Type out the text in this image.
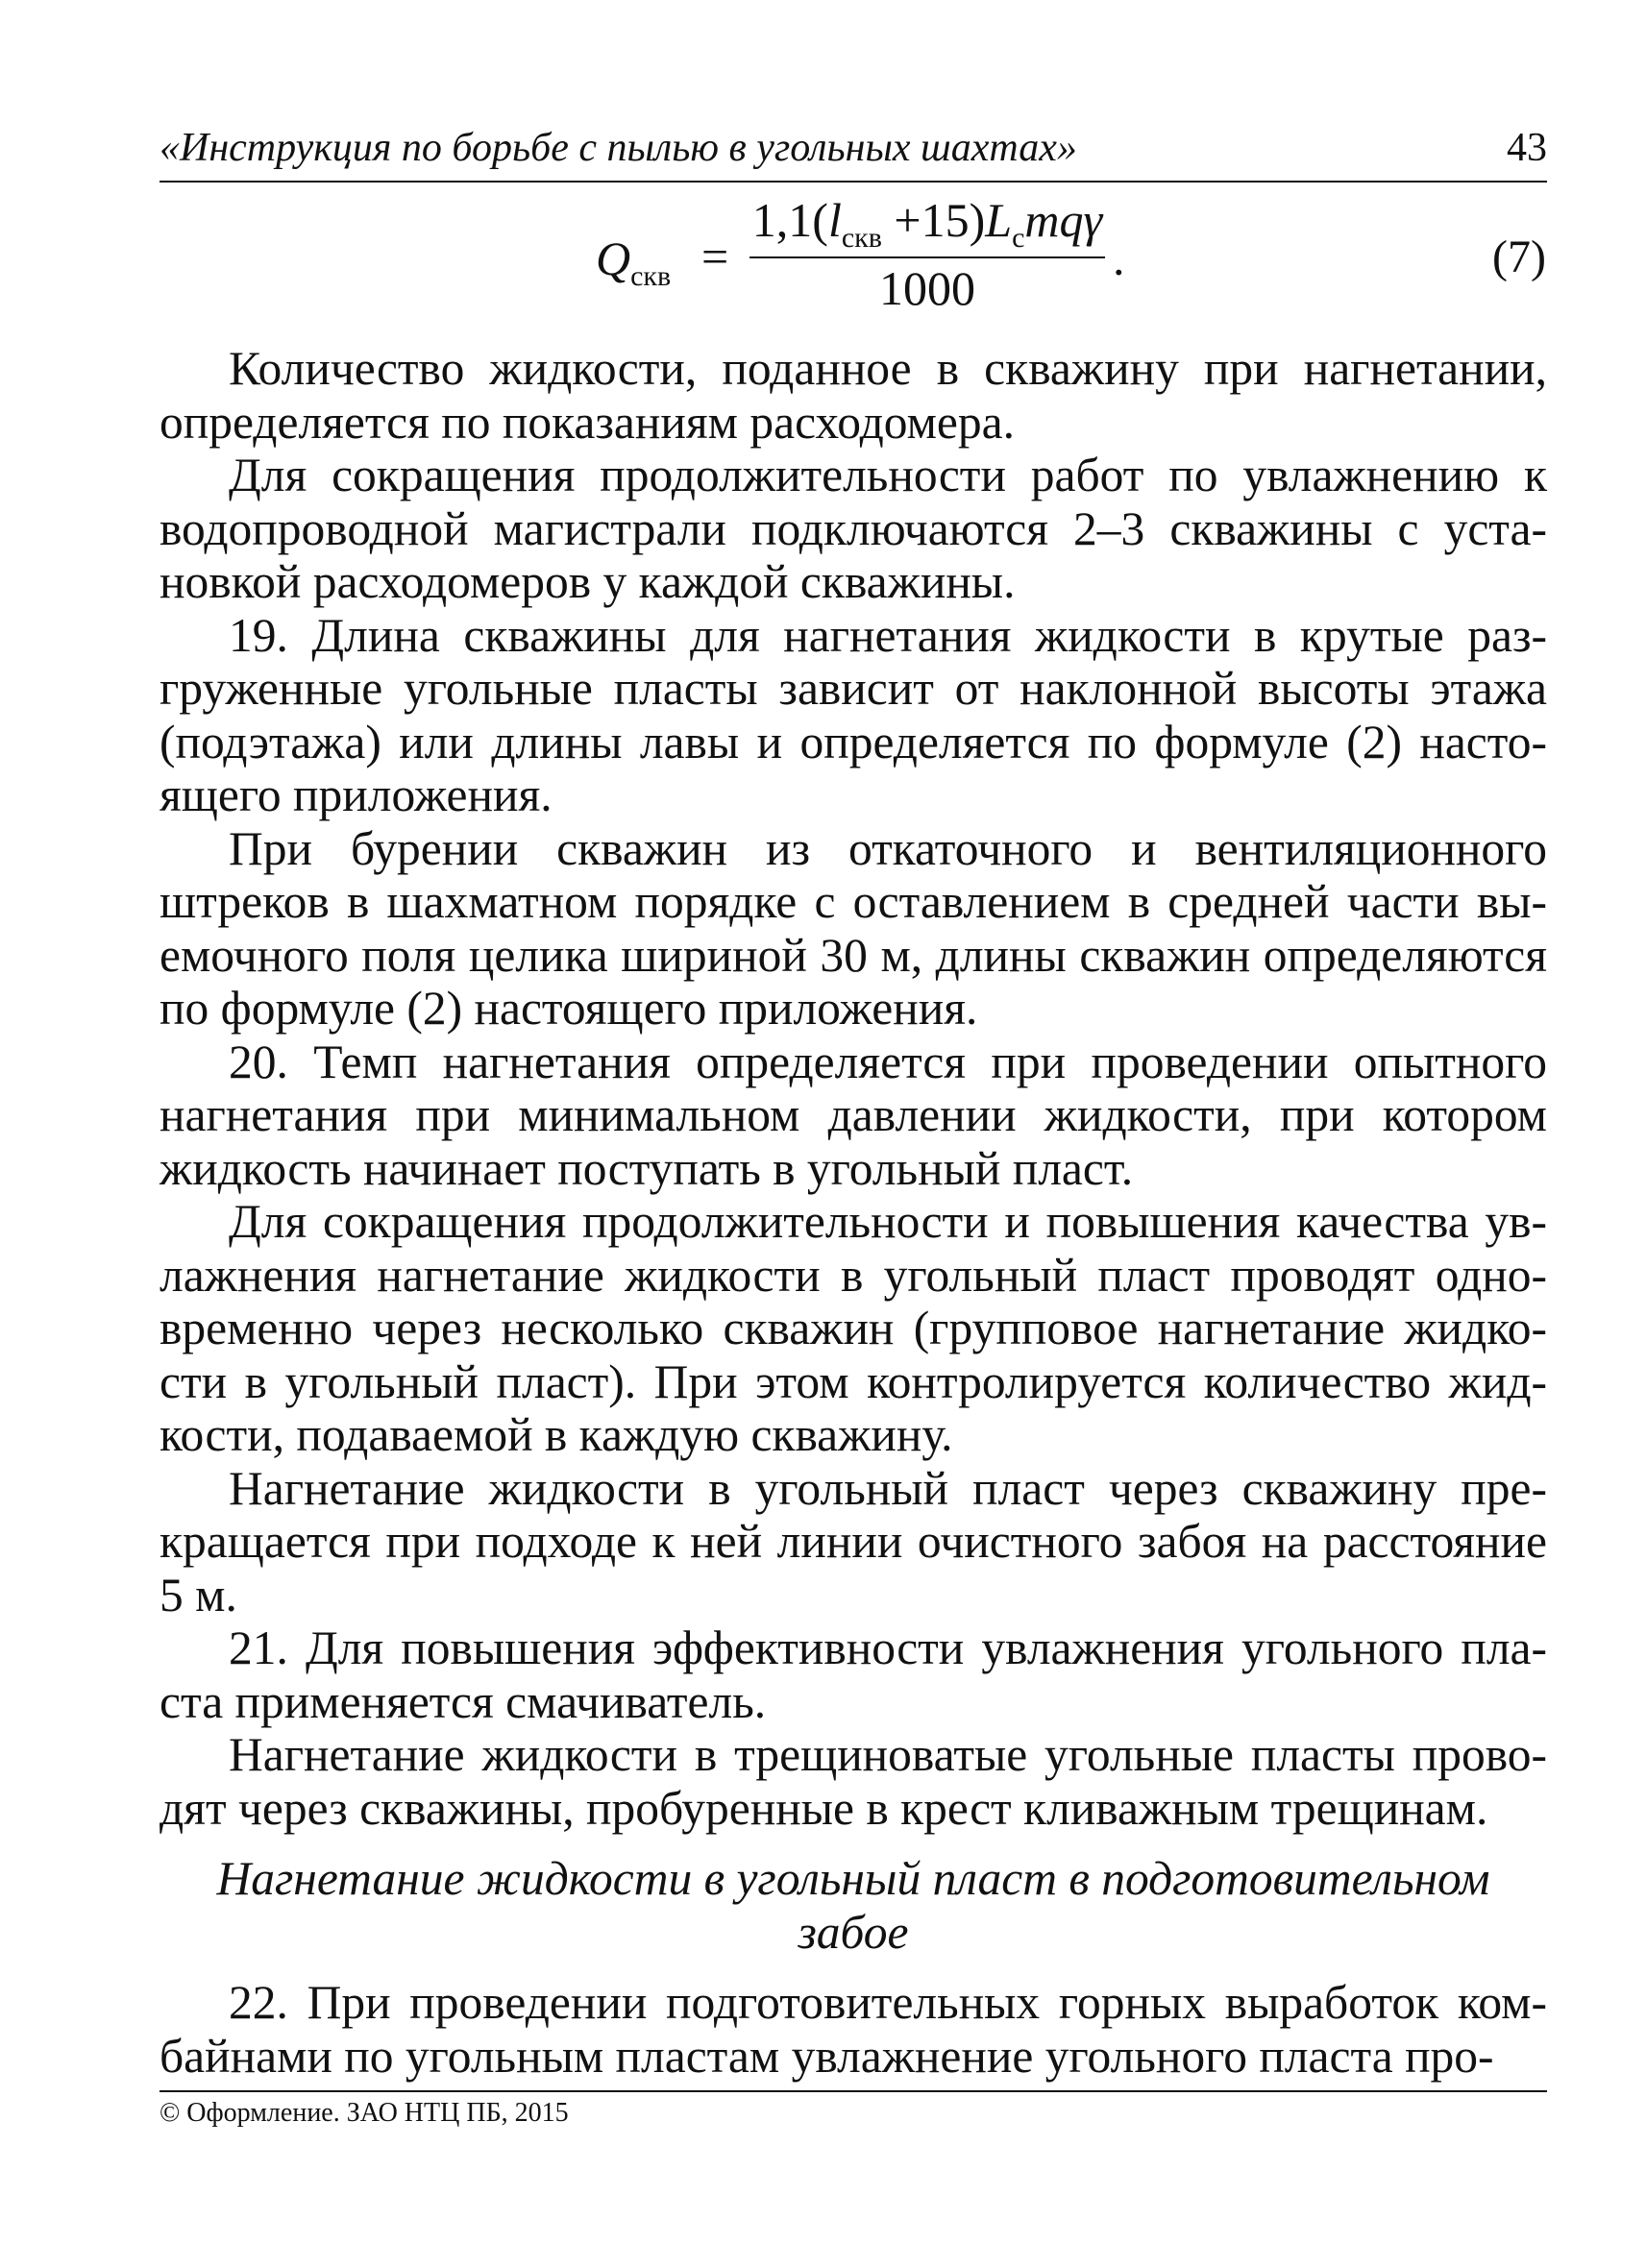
«Инструкция по борьбе с пылью в угольных шахтах»	43
$Q_{скв}$ =
$1,1(l_{скв} +15)L_сmq\gamma$
1000
.	(7)

Количество жидкости, поданное в скважину при нагнетании, определяется по показаниям расходомера.

Для сокращения продолжительности работ по увлажнению к водопроводной магистрали подключаются 2–3 скважины с установкой расходомеров у каждой скважины.

19. Длина скважины для нагнетания жидкости в крутые разгруженные угольные пласты зависит от наклонной высоты этажа (подэтажа) или длины лавы и определяется по формуле (2) настоящего приложения.

При бурении скважин из откаточного и вентиляционного штреков в шахматном порядке с оставлением в средней части выемочного поля целика шириной 30 м, длины скважин определяются по формуле (2) настоящего приложения.

20. Темп нагнетания определяется при проведении опытного нагнетания при минимальном давлении жидкости, при котором жидкость начинает поступать в угольный пласт.

Для сокращения продолжительности и повышения качества увлажнения нагнетание жидкости в угольный пласт проводят одновременно через несколько скважин (групповое нагнетание жидкости в угольный пласт). При этом контролируется количество жидкости, подаваемой в каждую скважину.

Нагнетание жидкости в угольный пласт через скважину прекращается при подходе к ней линии очистного забоя на расстояние 5 м.

21. Для повышения эффективности увлажнения угольного пласта применяется смачиватель.

Нагнетание жидкости в трещиноватые угольные пласты проводят через скважины, пробуренные в крест кливажным трещинам.

Нагнетание жидкости в угольный пласт в подготовительном забое

22. При проведении подготовительных горных выработок комбайнами по угольным пластам увлажнение угольного пласта про-

© Оформление. ЗАО НТЦ ПБ, 2015
